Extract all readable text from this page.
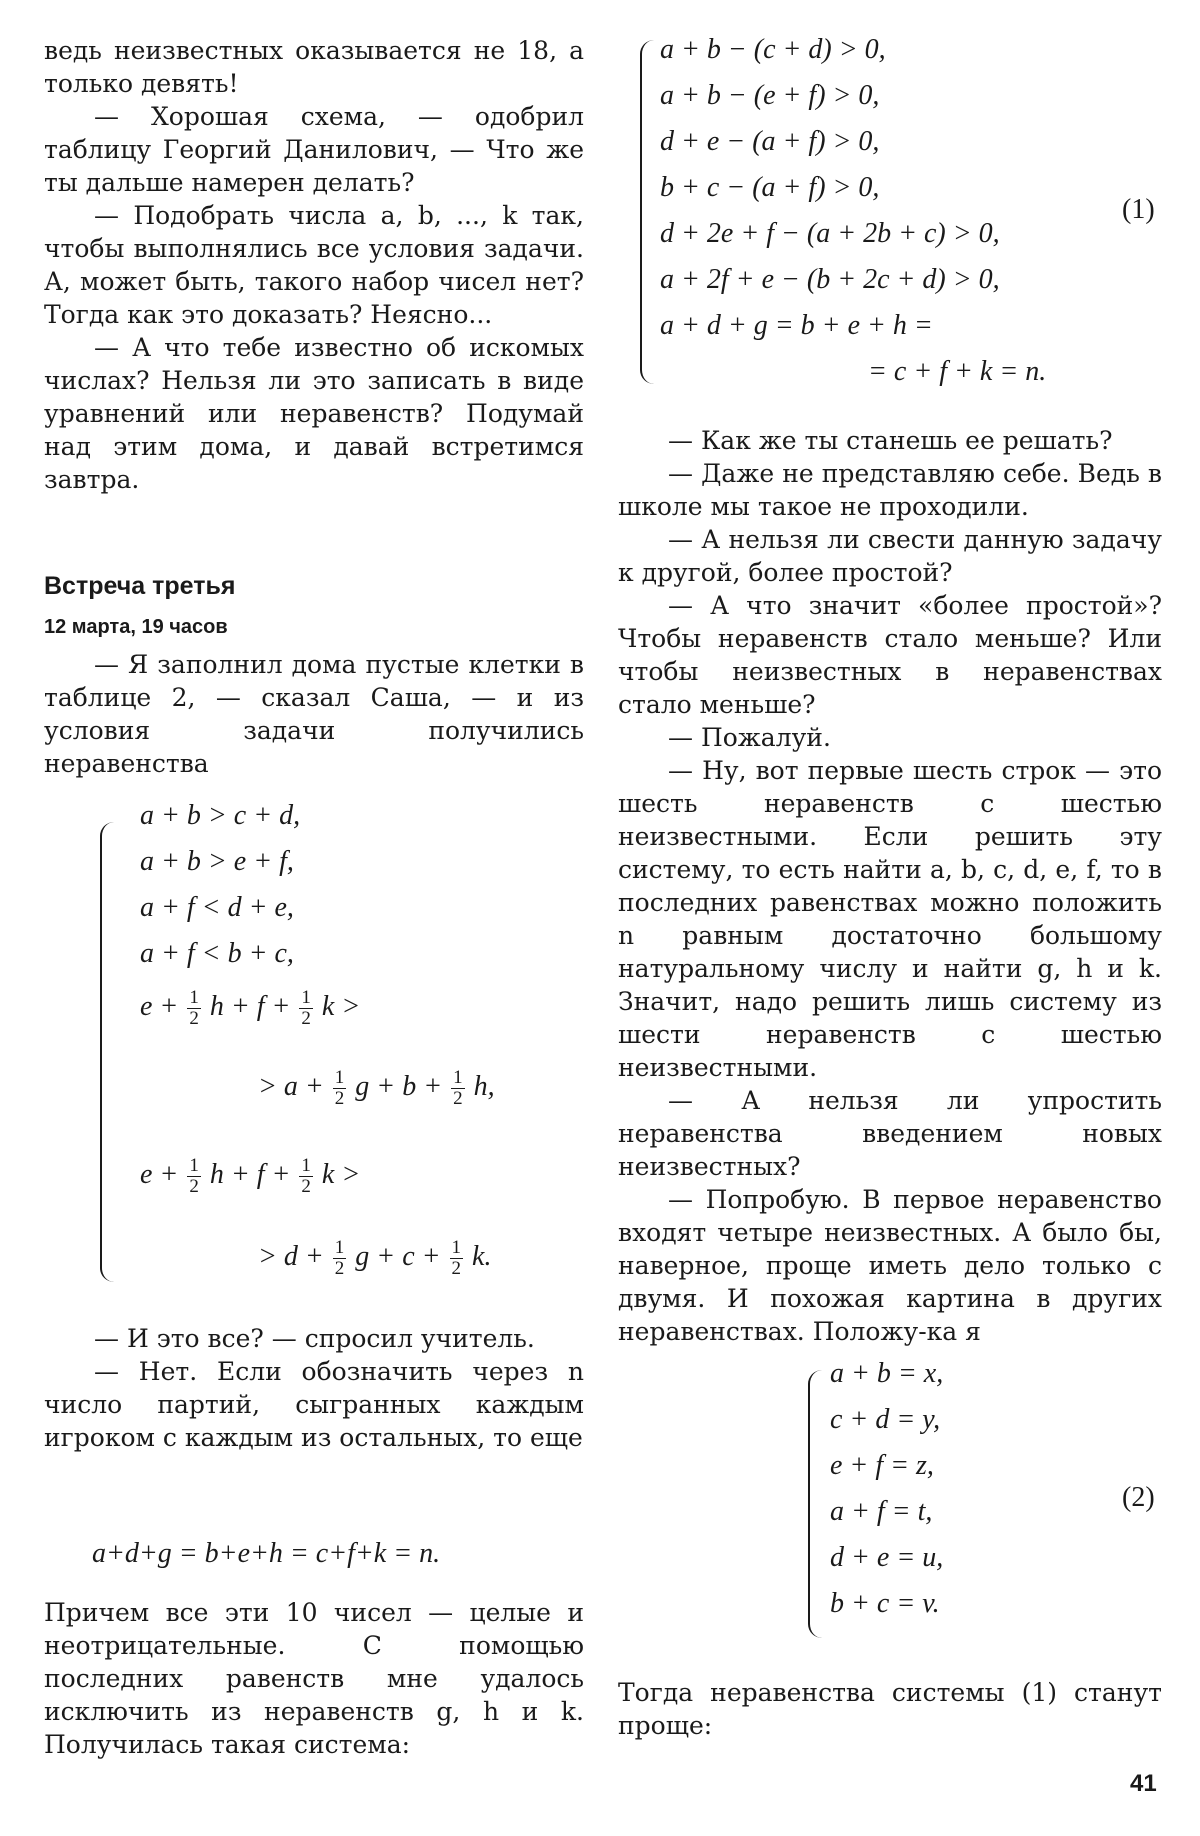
ведь неизвестных оказывается не 18, а только девять!

— Хорошая схема, — одобрил таблицу Георгий Данилович, — Что же ты дальше намерен делать?

— Подобрать числа a, b, ..., k так, чтобы выполнялись все условия задачи. А, может быть, такого набор чисел нет? Тогда как это доказать? Неясно...

— А что тебе известно об искомых числах? Нельзя ли это записать в виде уравнений или неравенств? Подумай над этим дома, и давай встретимся завтра.

Встреча третья
12 марта, 19 часов

— Я заполнил дома пустые клетки в таблице 2, — сказал Саша, — и из условия задачи получились неравенства

a + b > c + d,
a + b > e + f,
a + f < d + e,
a + f < b + c,
$e + \frac{1}{2}$ $h + f + \frac{1}{2}$ k >
> $a + \frac{1}{2}$ $g + b + \frac{1}{2} h$,
$e + \frac{1}{2}$ $h + f + \frac{1}{2}$ k >
> $d + \frac{1}{2}$ $g + c + \frac{1}{2} k$.

— И это все? — спросил учитель.

— Нет. Если обозначить через n число партий, сыгранных каждым игроком с каждым из остальных, то еще

a+d+g = b+e+h = c+f+k = n.

Причем все эти 10 чисел — целые и неотрицательные. С помощью последних равенств мне удалось исключить из неравенств g, h и k. Получилась такая система:

a + b − (c + d) > 0,
a + b − (e + f) > 0,
d + e − (a + f) > 0,
b + c − (a + f) > 0,
d + 2e + f − (a + 2b + c) > 0,
a + 2f + e − (b + 2c + d) > 0,
a + d + g = b + e + h =
= c + f + k = n.
(1)

— Как же ты станешь ее решать?

— Даже не представляю себе. Ведь в школе мы такое не проходили.

— А нельзя ли свести данную задачу к другой, более простой?

— А что значит «более простой»? Чтобы неравенств стало меньше? Или чтобы неизвестных в неравенствах стало меньше?

— Пожалуй.

— Ну, вот первые шесть строк — это шесть неравенств с шестью неизвестными. Если решить эту систему, то есть найти a, b, c, d, e, f, то в последних равенствах можно положить n равным достаточно большому натуральному числу и найти g, h и k. Значит, надо решить лишь систему из шести неравенств с шестью неизвестными.

— А нельзя ли упростить неравенства введением новых неизвестных?

— Попробую. В первое неравенство входят четыре неизвестных. А было бы, наверное, проще иметь дело только с двумя. И похожая картина в других неравенствах. Положу-ка я

a + b = x,
c + d = y,
e + f = z,
a + f = t,
d + e = u,
b + c = v.
(2)

Тогда неравенства системы (1) станут проще:

41
